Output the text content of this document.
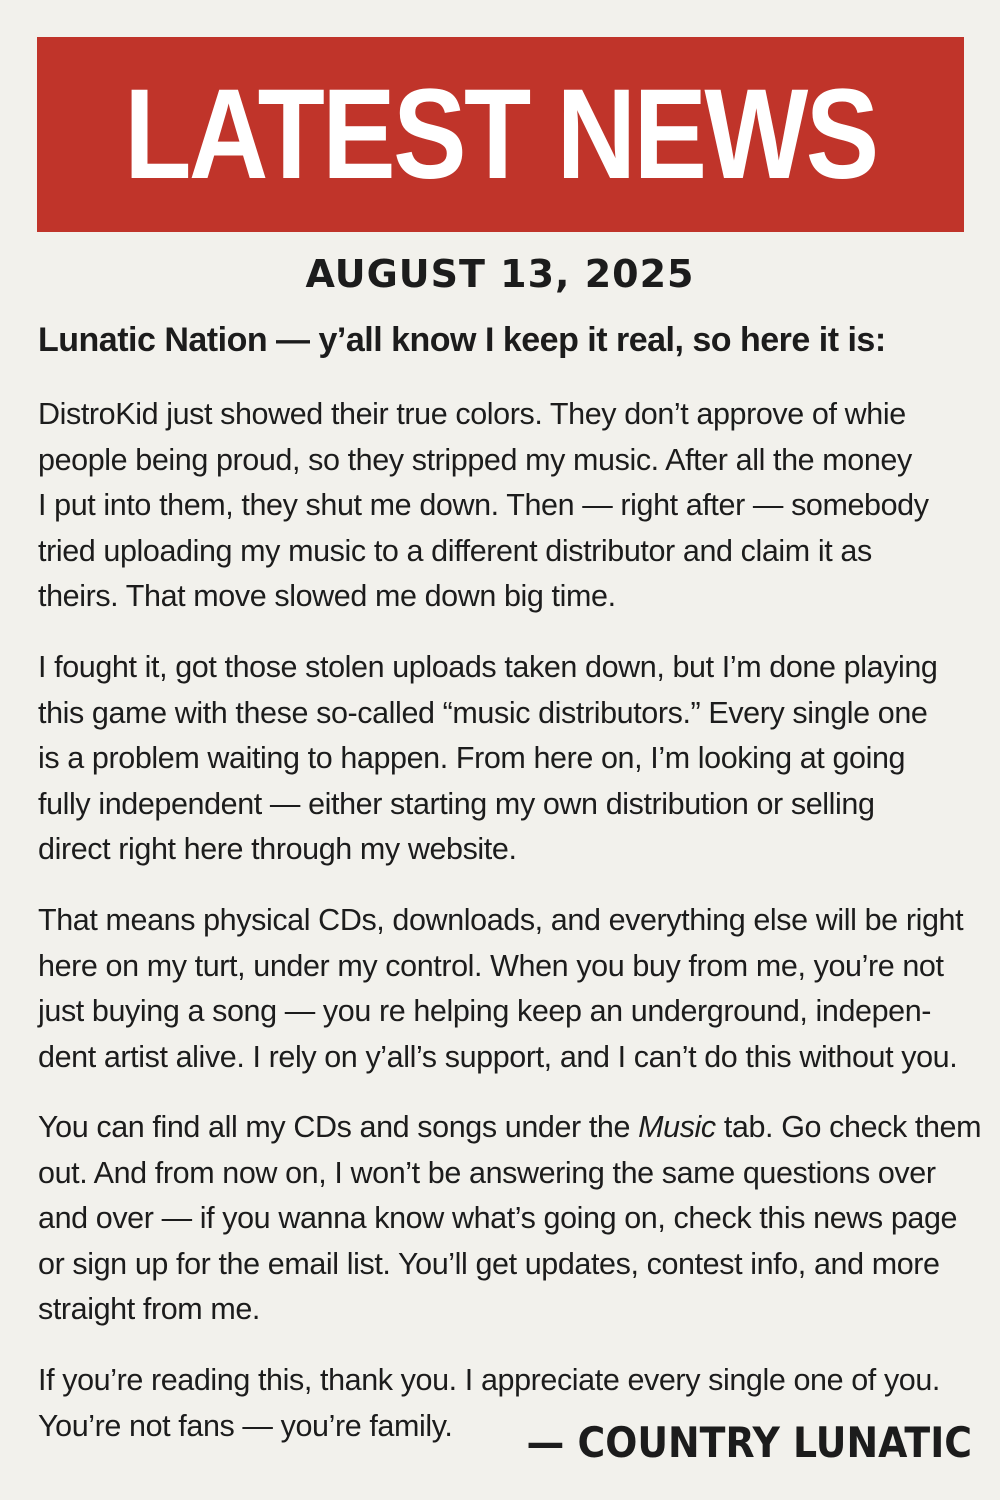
LATEST NEWS
AUGUST 13, 2025
Lunatic Nation — y’all know I keep it real, so here it is:
DistroKid just showed their true colors. They don’t approve of whie
people being proud, so they stripped my music. After all the money
I put into them, they shut me down. Then — right after — somebody
tried uploading my music to a different distributor and claim it as
theirs. That move slowed me down big time.
I fought it, got those stolen uploads taken down, but I’m done playing
this game with these so-called “music distributors.” Every single one
is a problem waiting to happen. From here on, I’m looking at going
fully independent — either starting my own distribution or selling
direct right here through my website.
That means physical CDs, downloads, and everything else will be right
here on my turt, under my control. When you buy from me, you’re not
just buying a song — you re helping keep an underground, indepen-
dent artist alive. I rely on y’all’s support, and I can’t do this without you.
You can find all my CDs and songs under the Music tab. Go check them
out. And from now on, I won’t be answering the same questions over
and over — if you wanna know what’s going on, check this news page
or sign up for the email list. You’ll get updates, contest info, and more
straight from me.
If you’re reading this, thank you. I appreciate every single one of you.
You’re not fans — you’re family.	— COUNTRY LUNATIC
